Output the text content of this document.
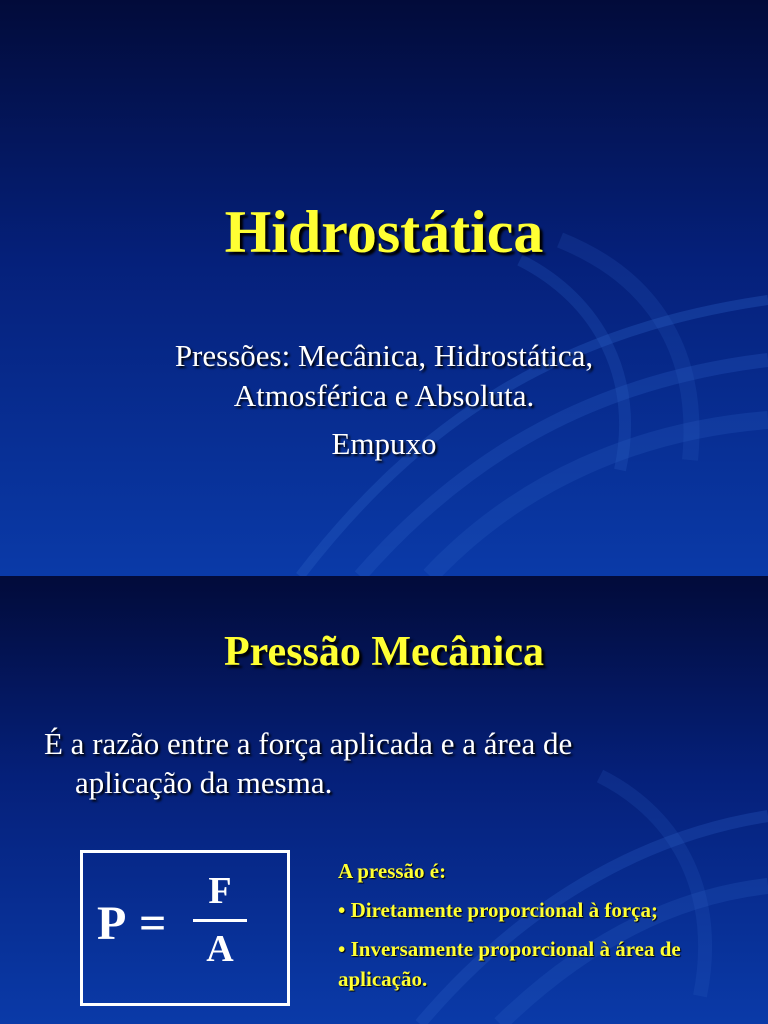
Hidrostática
Pressões: Mecânica, Hidrostática,
Atmosférica e Absoluta.
Empuxo
Pressão Mecânica
É a razão entre a força aplicada e a área de
aplicação da mesma.
P =
F
A
A pressão é:
• Diretamente proporcional à força;
• Inversamente proporcional à área de aplicação.
